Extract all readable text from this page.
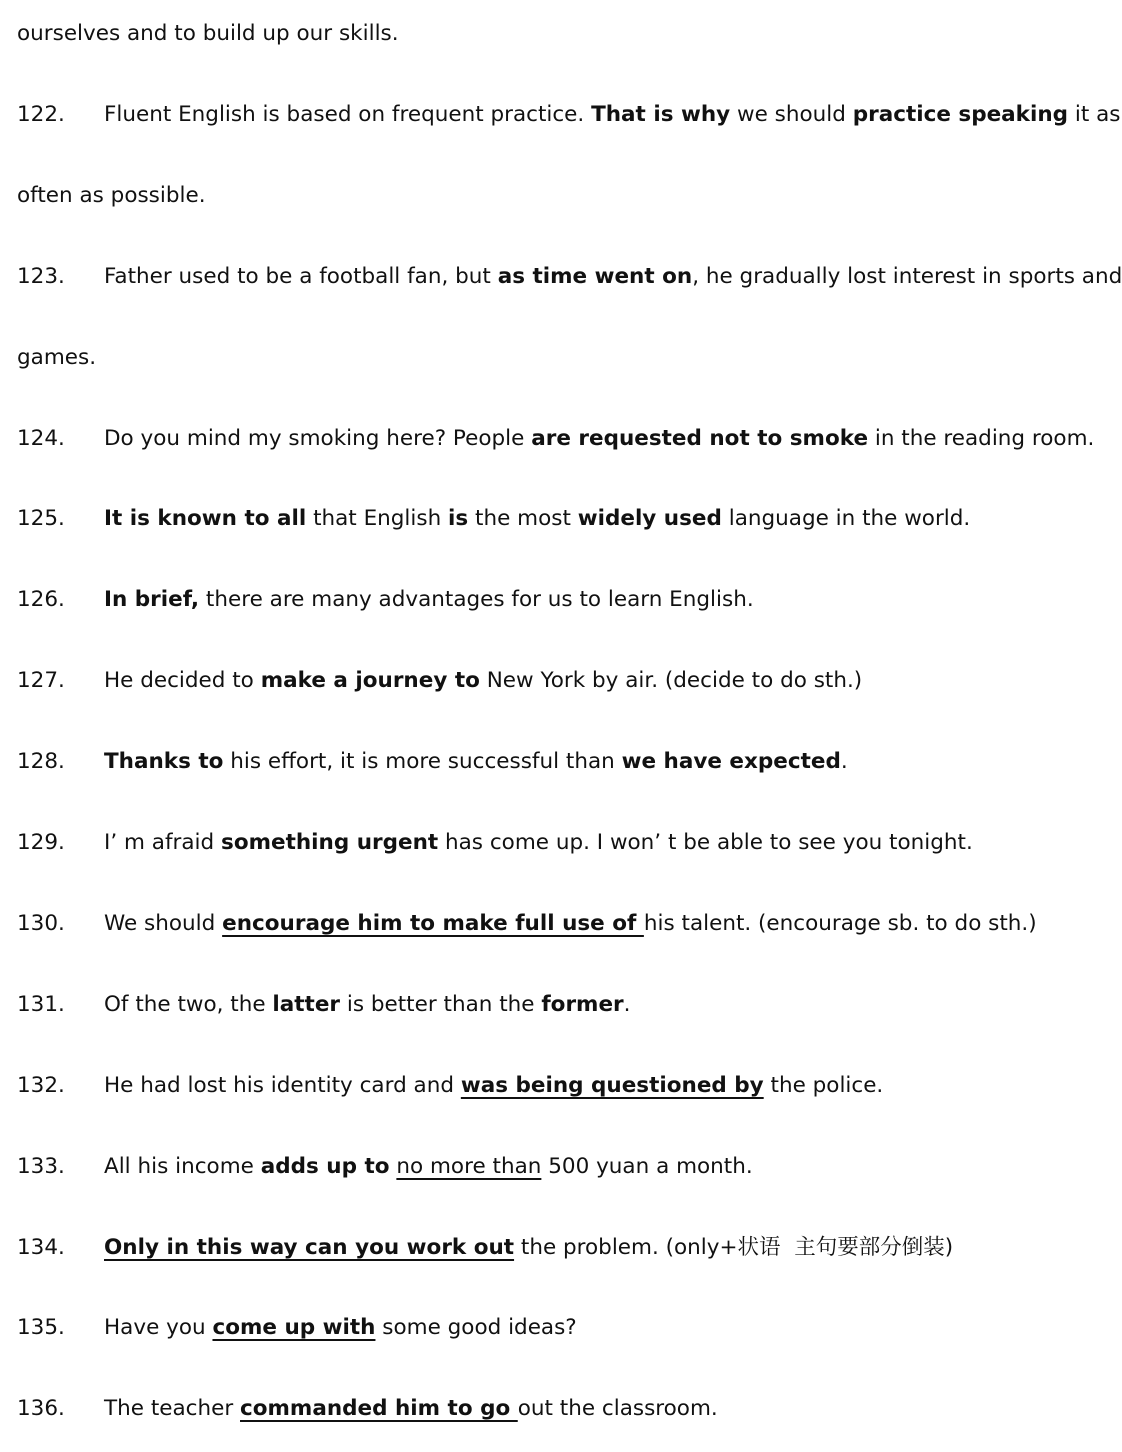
ourselves and to build up our skills.
122. Fluent English is based on frequent practice. That is why we should practice speaking it as
often as possible.
123. Father used to be a football fan, but as time went on, he gradually lost interest in sports and
games.
124. Do you mind my smoking here? People are requested not to smoke in the reading room.
125. It is known to all that English is the most widely used language in the world.
126. In brief, there are many advantages for us to learn English.
127. He decided to make a journey to New York by air. (decide to do sth.)
128. Thanks to his effort, it is more successful than we have expected.
129. I’ m afraid something urgent has come up. I won’ t be able to see you tonight.
130. We should encourage him to make full use of his talent. (encourage sb. to do sth.)
131. Of the two, the latter is better than the former.
132. He had lost his identity card and was being questioned by the police.
133. All his income adds up to no more than 500 yuan a month.
134. Only in this way can you work out the problem. (only+状语  主句要部分倒装)
135. Have you come up with some good ideas?
136. The teacher commanded him to go out the classroom.
